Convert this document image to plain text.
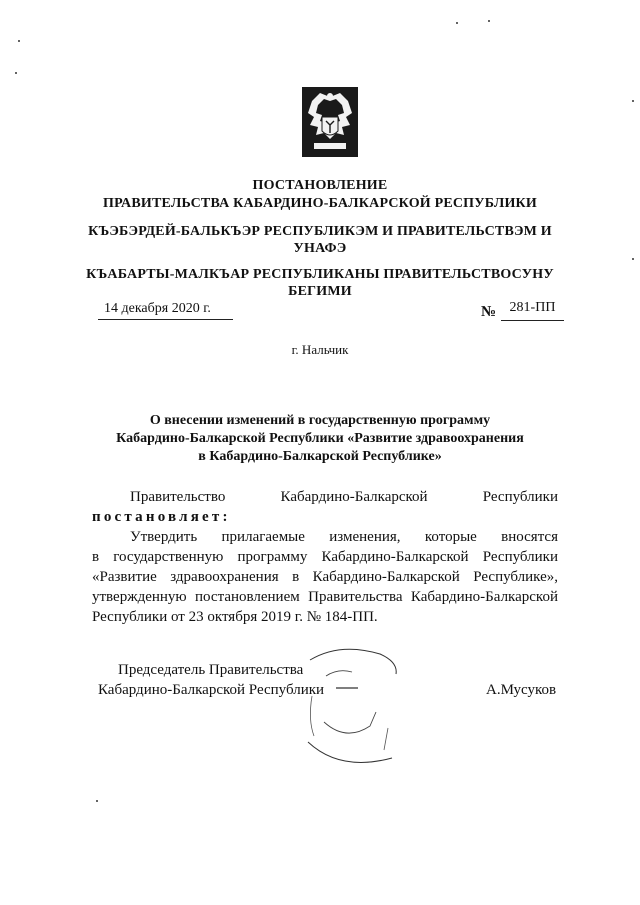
ПОСТАНОВЛЕНИЕ
ПРАВИТЕЛЬСТВА КАБАРДИНО-БАЛКАРСКОЙ РЕСПУБЛИКИ
КЪЭБЭРДЕЙ-БАЛЬКЪЭР РЕСПУБЛИКЭМ И ПРАВИТЕЛЬСТВЭМ И
УНАФЭ
КЪАБАРТЫ-МАЛКЪАР РЕСПУБЛИКАНЫ ПРАВИТЕЛЬСТВОСУНУ
БЕГИМИ
14 декабря 2020 г.	№ 281-ПП
г. Нальчик
О внесении изменений в государственную программу
Кабардино-Балкарской Республики «Развитие здравоохранения
в Кабардино-Балкарской Республике»
Правительство	Кабардино-Балкарской	Республики
постановляет:
Утвердить прилагаемые изменения, которые вносятся
в государственную программу Кабардино-Балкарской Республики
«Развитие здравоохранения в Кабардино-Балкарской Республике»,
утвержденную постановлением Правительства Кабардино-Балкарской
Республики от 23 октября 2019 г. № 184-ПП.
Председатель Правительства
Кабардино-Балкарской Республики	А.Мусуков
